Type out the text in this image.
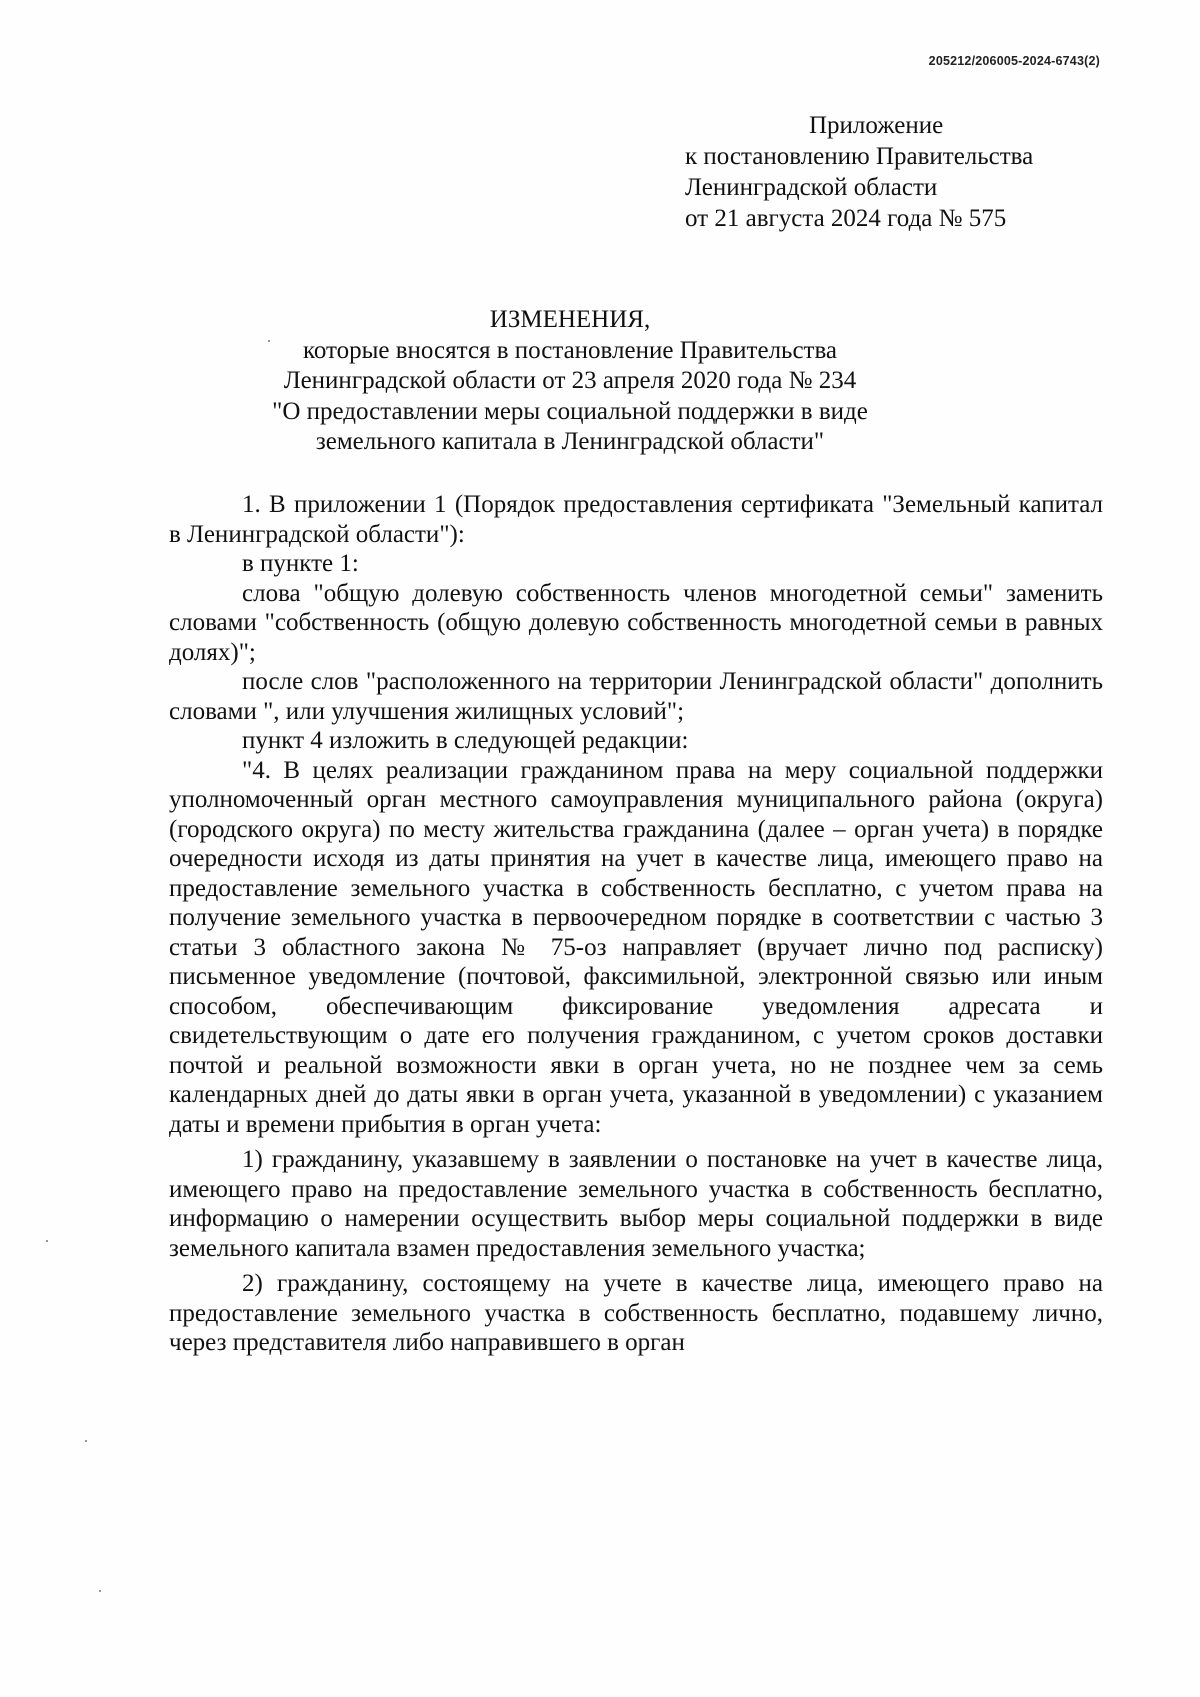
205212/206005-2024-6743(2)
Приложение
к постановлению Правительства
Ленинградской области
от 21 августа 2024 года № 575
ИЗМЕНЕНИЯ,
которые вносятся в постановление Правительства
Ленинградской области от 23 апреля 2020 года № 234
"О предоставлении меры социальной поддержки в виде
земельного капитала в Ленинградской области"

1. В приложении 1 (Порядок предоставления сертификата "Земельный капитал в Ленинградской области"):

в пункте 1:

слова "общую долевую собственность членов многодетной семьи" заменить словами "собственность (общую долевую собственность многодетной семьи в равных долях)";

после слов "расположенного на территории Ленинградской области" дополнить словами ", или улучшения жилищных условий";

пункт 4 изложить в следующей редакции:

"4. В целях реализации гражданином права на меру социальной поддержки уполномоченный орган местного самоуправления муниципального района (округа) (городского округа) по месту жительства гражданина (далее – орган учета) в порядке очередности исходя из даты принятия на учет в качестве лица, имеющего право на предоставление земельного участка в собственность бесплатно, с учетом права на получение земельного участка в первоочередном порядке в соответствии с частью 3 статьи 3 областного закона № 75-оз направляет (вручает лично под расписку) письменное уведомление (почтовой, факсимильной, электронной связью или иным способом, обеспечивающим фиксирование уведомления адресата и свидетельствующим о дате его получения гражданином, с учетом сроков доставки почтой и реальной возможности явки в орган учета, но не позднее чем за семь календарных дней до даты явки в орган учета, указанной в уведомлении) с указанием даты и времени прибытия в орган учета:

1) гражданину, указавшему в заявлении о постановке на учет в качестве лица, имеющего право на предоставление земельного участка в собственность бесплатно, информацию о намерении осуществить выбор меры социальной поддержки в виде земельного капитала взамен предоставления земельного участка;

2) гражданину, состоящему на учете в качестве лица, имеющего право на предоставление земельного участка в собственность бесплатно, подавшему лично, через представителя либо направившего в орган
